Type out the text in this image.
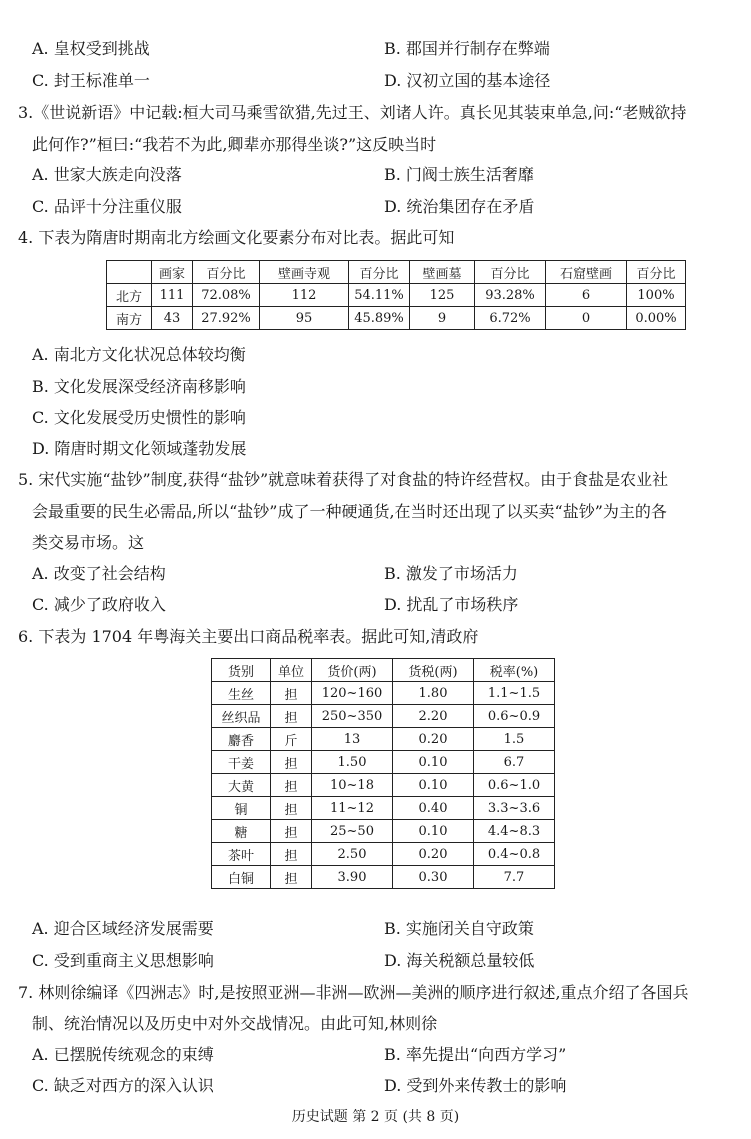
A. 皇权受到挑战	B. 郡国并行制存在弊端
C. 封王标准单一	D. 汉初立国的基本途径
3.《世说新语》中记载:桓大司马乘雪欲猎,先过王、刘诸人许。真长见其装束单急,问:“老贼欲持
此何作?”桓曰:“我若不为此,卿辈亦那得坐谈?”这反映当时
A. 世家大族走向没落	B. 门阀士族生活奢靡
C. 品评十分注重仪服	D. 统治集团存在矛盾
4. 下表为隋唐时期南北方绘画文化要素分布对比表。据此可知
	画家	百分比	壁画寺观	百分比	壁画墓	百分比	石窟壁画	百分比
北方	111	72.08%	112	54.11%	125	93.28%	6	100%
南方	43	27.92%	95	45.89%	9	6.72%	0	0.00%
A. 南北方文化状况总体较均衡
B. 文化发展深受经济南移影响
C. 文化发展受历史惯性的影响
D. 隋唐时期文化领域蓬勃发展
5. 宋代实施“盐钞”制度,获得“盐钞”就意味着获得了对食盐的特许经营权。由于食盐是农业社
会最重要的民生必需品,所以“盐钞”成了一种硬通货,在当时还出现了以买卖“盐钞”为主的各
类交易市场。这
A. 改变了社会结构	B. 激发了市场活力
C. 减少了政府收入	D. 扰乱了市场秩序
6. 下表为 1704 年粤海关主要出口商品税率表。据此可知,清政府
货别	单位	货价(两)	货税(两)	税率(%)
生丝	担	120~160	1.80	1.1~1.5
丝织品	担	250~350	2.20	0.6~0.9
麝香	斤	13	0.20	1.5
干姜	担	1.50	0.10	6.7
大黄	担	10~18	0.10	0.6~1.0
铜	担	11~12	0.40	3.3~3.6
糖	担	25~50	0.10	4.4~8.3
茶叶	担	2.50	0.20	0.4~0.8
白铜	担	3.90	0.30	7.7
A. 迎合区域经济发展需要	B. 实施闭关自守政策
C. 受到重商主义思想影响	D. 海关税额总量较低
7. 林则徐编译《四洲志》时,是按照亚洲—非洲—欧洲—美洲的顺序进行叙述,重点介绍了各国兵
制、统治情况以及历史中对外交战情况。由此可知,林则徐
A. 已摆脱传统观念的束缚	B. 率先提出“向西方学习”
C. 缺乏对西方的深入认识	D. 受到外来传教士的影响
历史试题 第 2 页 (共 8 页)
